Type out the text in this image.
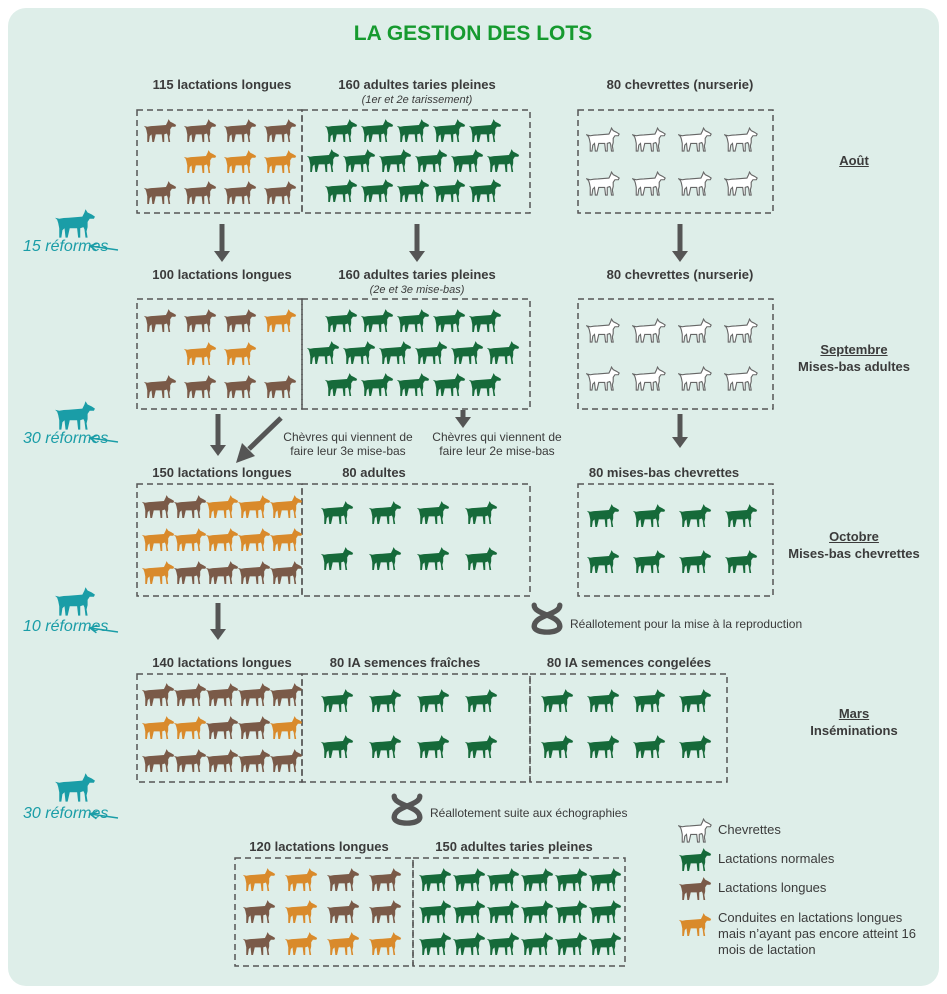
LA GESTION DES LOTS
115 lactations longues	160 adultes taries pleines
(1er et 2e tarissement)
80 chevrettes (nurserie)
100 lactations longues	160 adultes taries pleines
(2e et 3e mise-bas)
80 chevrettes (nurserie)
150 lactations longues	80 adultes	80 mises-bas chevrettes
140 lactations longues	80 IA semences fraîches	80 IA semences congelées
120 lactations longues	150 adultes taries pleines
Août
Septembre
Mises-bas adultes
Octobre
Mises-bas chevrettes
Mars
Inséminations
15 réformes
30 réformes
10 réformes
30 réformes
Chèvres qui viennent de faire leur 3e mise-bas
Chèvres qui viennent de faire leur 2e mise-bas
Réallotement pour la mise à la reproduction
Réallotement suite aux échographies
Chevrettes
Lactations normales
Lactations longues
Conduites en lactations longues mais n’ayant pas encore atteint 16 mois de lactation
